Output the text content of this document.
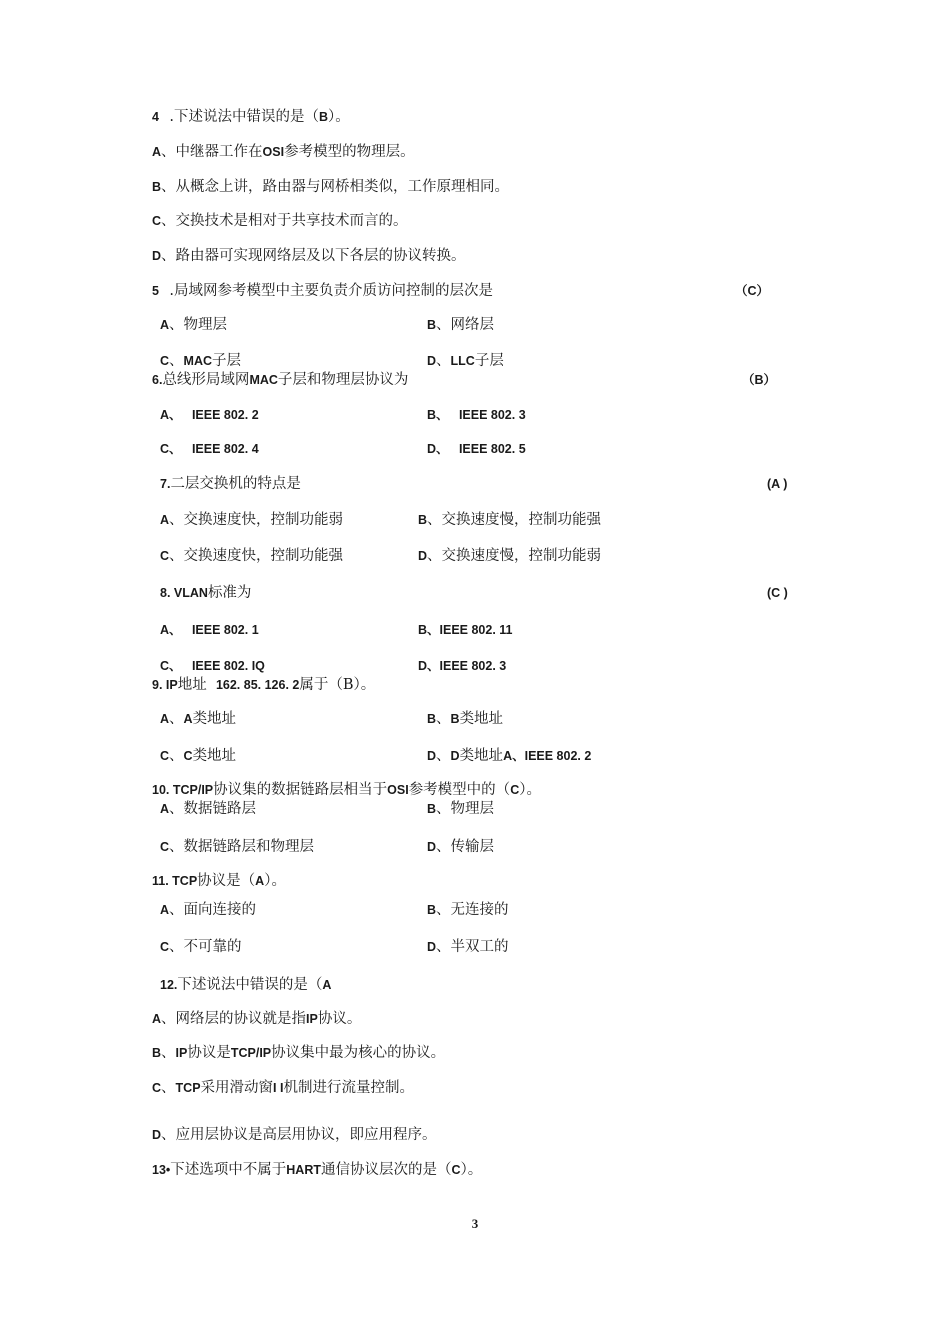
4   .下述说法中错误的是（B）。
A、中继器工作在OSI参考模型的物理层。
B、从概念上讲，路由器与网桥相类似，工作原理相同。
C、交换技术是相对于共享技术而言的。
D、路由器可实现网络层及以下各层的协议转换。
5   .局域网参考模型中主要负责介质访问控制的层次是	（C）
A、物理层	B、网络层
C、MAC子层	D、LLC子层
6.总线形局域网MAC子层和物理层协议为	（B）
A、   IEEE 802. 2	B、   IEEE 802. 3
C、   IEEE 802. 4	D、   IEEE 802. 5
7.二层交换机的特点是	(A )
A、交换速度快，控制功能弱	B、交换速度慢，控制功能强
C、交换速度快，控制功能强	D、交换速度慢，控制功能弱
8. VLAN标准为	(C )
A、   IEEE 802. 1	B、IEEE 802. 11
C、   IEEE 802. IQ	D、IEEE 802. 3
9. IP地址  162. 85. 126. 2属于（B）。
A、A类地址	B、B类地址
C、C类地址	D、D类地址A、IEEE 802. 2
10. TCP/IP协议集的数据链路层相当于OSI参考模型中的（C）。
A、数据链路层	B、物理层
C、数据链路层和物理层	D、传输层
11. TCP协议是（A）。
A、面向连接的	B、无连接的
C、不可靠的	D、半双工的
12.下述说法中错误的是（A
A、网络层的协议就是指IP协议。
B、IP协议是TCP/IP协议集中最为核心的协议。
C、TCP采用滑动窗I I机制进行流量控制。
D、应用层协议是高层用协议，即应用程序。
13•下述选项中不属于HART通信协议层次的是（C）。
3
